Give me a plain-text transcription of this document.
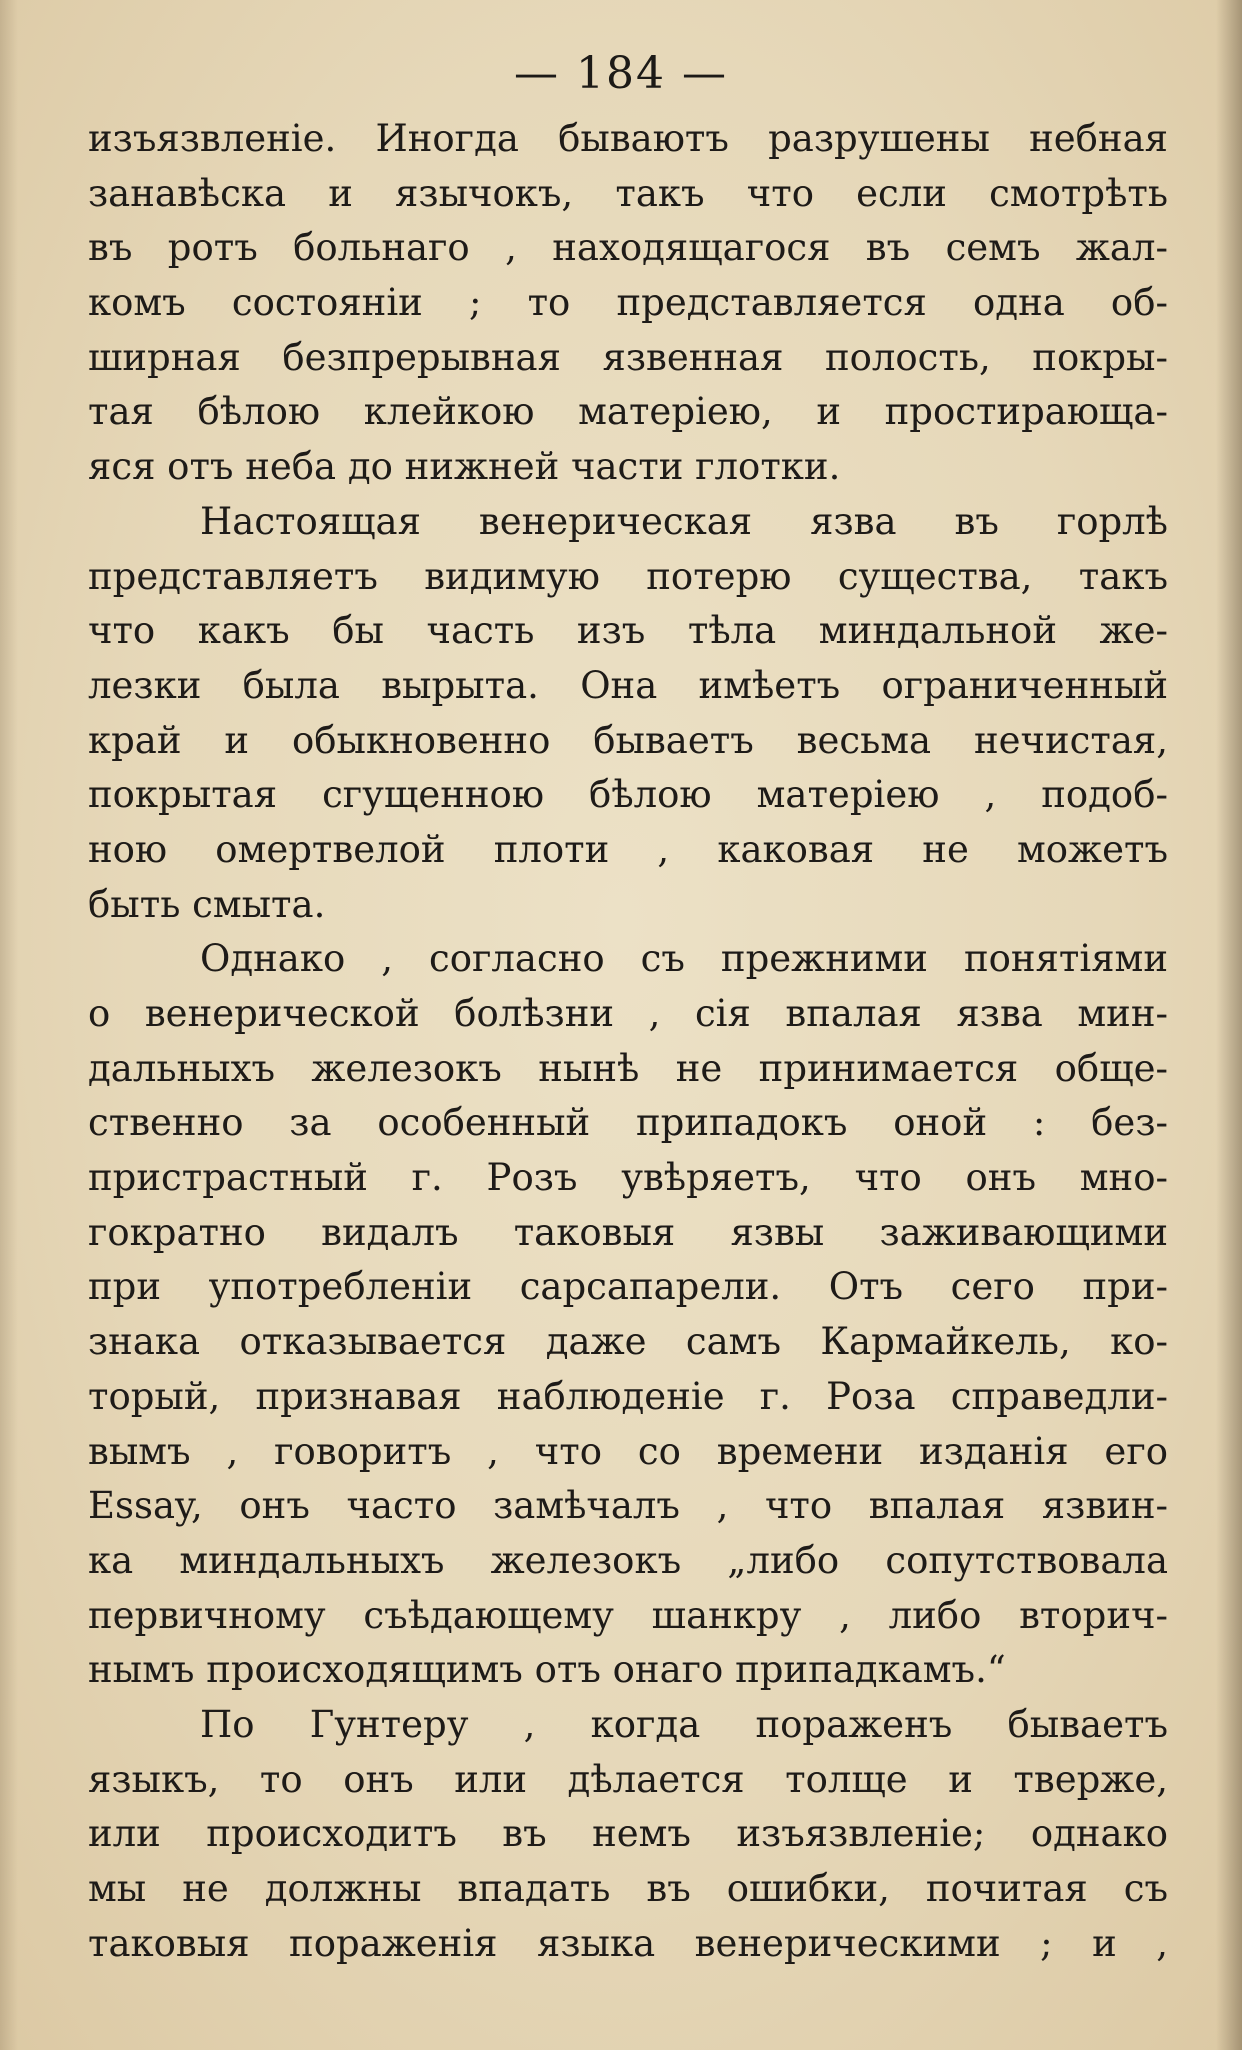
— 184 —
изъязвленіе. Иногда бываютъ разрушены небная
занавѣска и язычокъ, такъ что если смотрѣть
въ ротъ больнаго , находящагося въ семъ жал-
комъ состояніи ; то представляется одна об-
ширная безпрерывная язвенная полость, покры-
тая бѣлою клейкою матеріею, и простирающа-
яся отъ неба до нижней части глотки.
Настоящая венерическая язва въ горлѣ
представляетъ видимую потерю существа, такъ
что какъ бы часть изъ тѣла миндальной же-
лезки была вырыта. Она имѣетъ ограниченный
край и обыкновенно бываетъ весьма нечистая,
покрытая сгущенною бѣлою матеріею , подоб-
ною омертвелой плоти , каковая не можетъ
быть смыта.
Однако , согласно съ прежними понятіями
о венерической болѣзни , сія впалая язва мин-
дальныхъ железокъ нынѣ не принимается обще-
ственно за особенный припадокъ оной : без-
пристрастный г. Розъ увѣряетъ, что онъ мно-
гократно видалъ таковыя язвы заживающими
при употребленіи сарсапарели. Отъ сего при-
знака отказывается даже самъ Кармайкель, ко-
торый, признавая наблюденіе г. Роза справедли-
вымъ , говоритъ , что со времени изданія его
Essay, онъ часто замѣчалъ , что впалая язвин-
ка миндальныхъ железокъ „либо сопутствовала
первичному съѣдающему шанкру , либо вторич-
нымъ происходящимъ отъ онаго припадкамъ.“
По Гунтеру , когда пораженъ бываетъ
языкъ, то онъ или дѣлается толще и тверже,
или происходитъ въ немъ изъязвленіе; однако
мы не должны впадать въ ошибки, почитая съ
таковыя пораженія языка венерическими ; и ,
